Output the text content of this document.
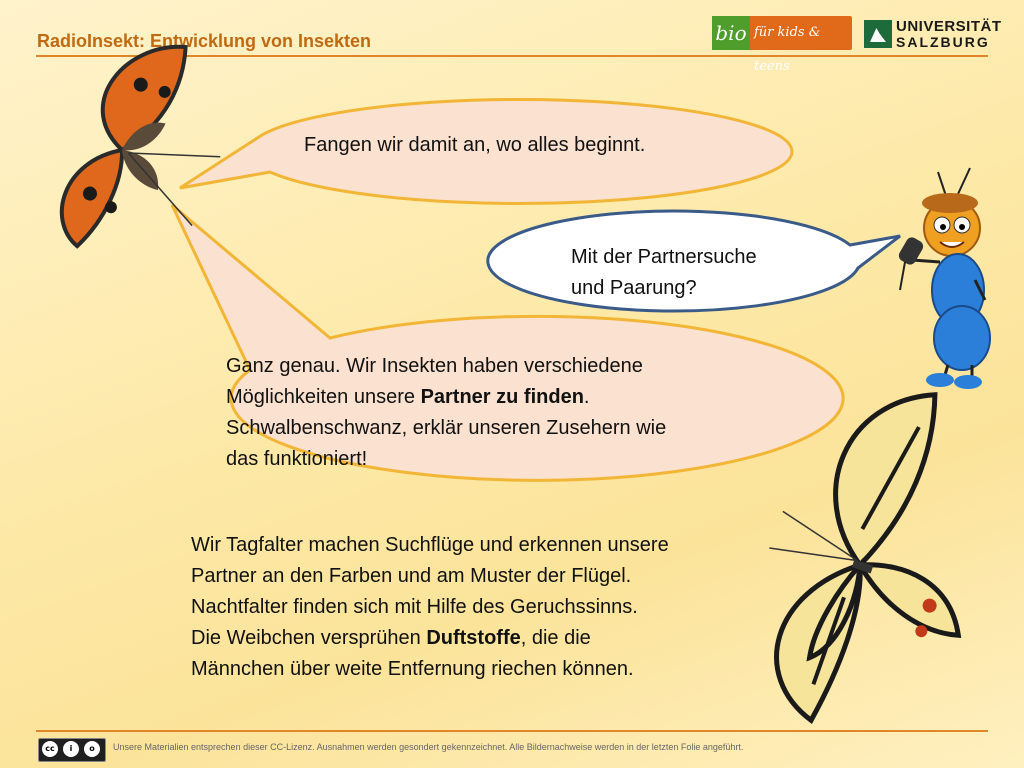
RadioInsekt: Entwicklung von Insekten	bio für kids & teens
UNIVERSITÄT
SALZBURG
Fangen wir damit an, wo alles beginnt.
Mit der Partnersuche
und Paarung?
Ganz genau. Wir Insekten haben verschiedene
Möglichkeiten unsere Partner zu finden.
Schwalbenschwanz, erklär unseren Zusehern wie
das funktioniert!
Wir Tagfalter machen Suchflüge und erkennen unsere
Partner an den Farben und am Muster der Flügel.
Nachtfalter finden sich mit Hilfe des Geruchssinns.
Die Weibchen versprühen Duftstoffe, die die
Männchen über weite Entfernung riechen können.
cc	i	o	Unsere Materialien entsprechen dieser CC-Lizenz. Ausnahmen werden gesondert gekennzeichnet. Alle Bildernachweise werden in der letzten Folie angeführt.
